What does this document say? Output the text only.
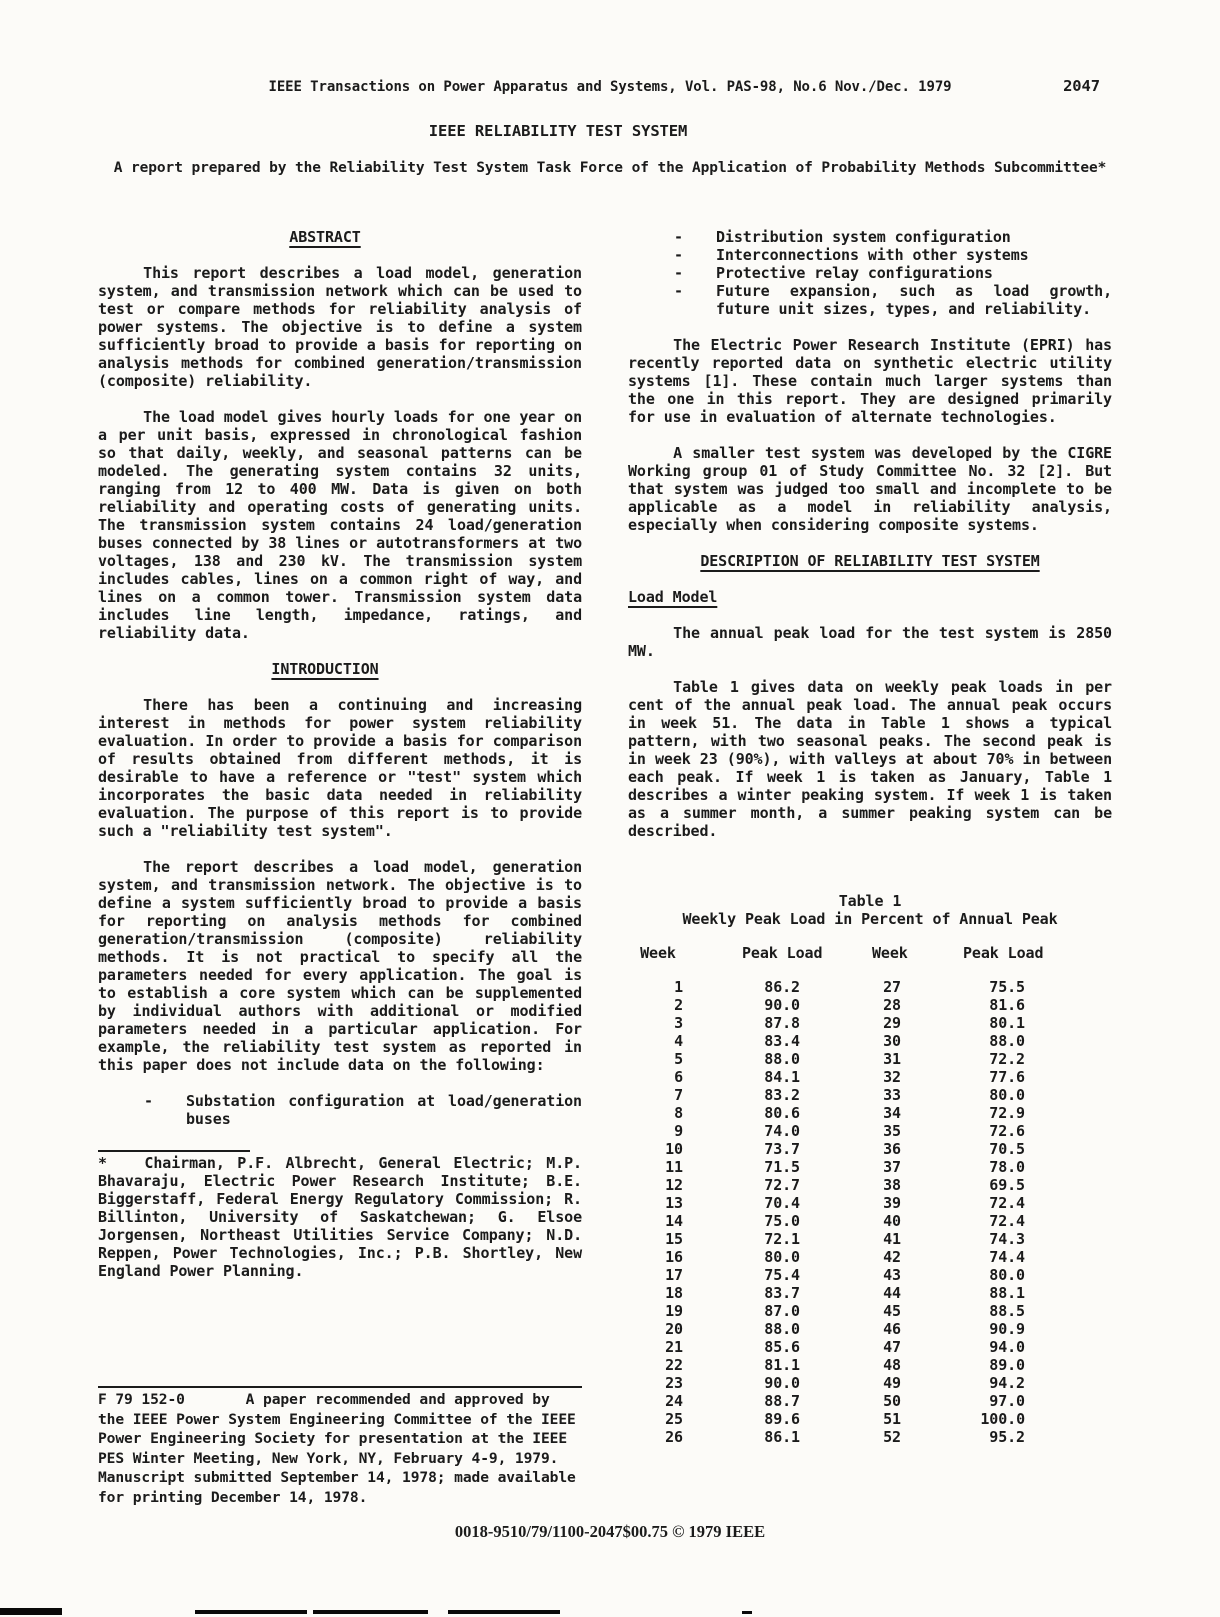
IEEE Transactions on Power Apparatus and Systems, Vol. PAS-98, No.6 Nov./Dec. 1979	2047
IEEE RELIABILITY TEST SYSTEM
A report prepared by the Reliability Test System Task Force of the Application of Probability Methods Subcommittee*
ABSTRACT

This report describes a load model, generation system, and transmission network which can be used to test or compare methods for reliability analysis of power systems. The objective is to define a system sufficiently broad to provide a basis for reporting on analysis methods for combined generation/transmission (composite) reliability.

The load model gives hourly loads for one year on a per unit basis, expressed in chronological fashion so that daily, weekly, and seasonal patterns can be modeled. The generating system contains 32 units, ranging from 12 to 400 MW. Data is given on both reliability and operating costs of generating units. The transmission system contains 24 load/generation buses connected by 38 lines or autotransformers at two voltages, 138 and 230 kV. The transmission system includes cables, lines on a common right of way, and lines on a common tower. Transmission system data includes line length, impedance, ratings, and reliability data.

INTRODUCTION

There has been a continuing and increasing interest in methods for power system reliability evaluation. In order to provide a basis for comparison of results obtained from different methods, it is desirable to have a reference or "test" system which incorporates the basic data needed in reliability evaluation. The purpose of this report is to provide such a "reliability test system".

The report describes a load model, generation system, and transmission network. The objective is to define a system sufficiently broad to provide a basis for reporting on analysis methods for combined generation/transmission (composite) reliability methods. It is not practical to specify all the parameters needed for every application. The goal is to establish a core system which can be supplemented by individual authors with additional or modified parameters needed in a particular application. For example, the reliability test system as reported in this paper does not include data on the following:

- Substation configuration at load/generation buses

*   Chairman, P.F. Albrecht, General Electric; M.P. Bhavaraju, Electric Power Research Institute; B.E. Biggerstaff, Federal Energy Regulatory Commission; R. Billinton, University of Saskatchewan; G. Elsoe Jorgensen, Northeast Utilities Service Company; N.D. Reppen, Power Technologies, Inc.; P.B. Shortley, New England Power Planning.

F 79 152-0       A paper recommended and approved by the IEEE Power System Engineering Committee of the IEEE Power Engineering Society for presentation at the IEEE PES Winter Meeting, New York, NY, February 4-9, 1979. Manuscript submitted September 14, 1978; made available for printing December 14, 1978.

- Distribution system configuration
- Interconnections with other systems
- Protective relay configurations
- Future expansion, such as load growth, future unit sizes, types, and reliability.

The Electric Power Research Institute (EPRI) has recently reported data on synthetic electric utility systems [1]. These contain much larger systems than the one in this report. They are designed primarily for use in evaluation of alternate technologies.

A smaller test system was developed by the CIGRE Working group 01 of Study Committee No. 32 [2]. But that system was judged too small and incomplete to be applicable as a model in reliability analysis, especially when considering composite systems.

DESCRIPTION OF RELIABILITY TEST SYSTEM
Load Model

The annual peak load for the test system is 2850 MW.

Table 1 gives data on weekly peak loads in per cent of the annual peak load. The annual peak occurs in week 51. The data in Table 1 shows a typical pattern, with two seasonal peaks. The second peak is in week 23 (90%), with valleys at about 70% in between each peak. If week 1 is taken as January, Table 1 describes a winter peaking system. If week 1 is taken as a summer month, a summer peaking system can be described.

Table 1
Weekly Peak Load in Percent of Annual Peak
Week	Peak Load	Week	Peak Load
1	86.2	27	75.5
2	90.0	28	81.6
3	87.8	29	80.1
4	83.4	30	88.0
5	88.0	31	72.2
6	84.1	32	77.6
7	83.2	33	80.0
8	80.6	34	72.9
9	74.0	35	72.6
10	73.7	36	70.5
11	71.5	37	78.0
12	72.7	38	69.5
13	70.4	39	72.4
14	75.0	40	72.4
15	72.1	41	74.3
16	80.0	42	74.4
17	75.4	43	80.0
18	83.7	44	88.1
19	87.0	45	88.5
20	88.0	46	90.9
21	85.6	47	94.0
22	81.1	48	89.0
23	90.0	49	94.2
24	88.7	50	97.0
25	89.6	51	100.0
26	86.1	52	95.2
0018-9510/79/1100-2047$00.75 © 1979 IEEE
